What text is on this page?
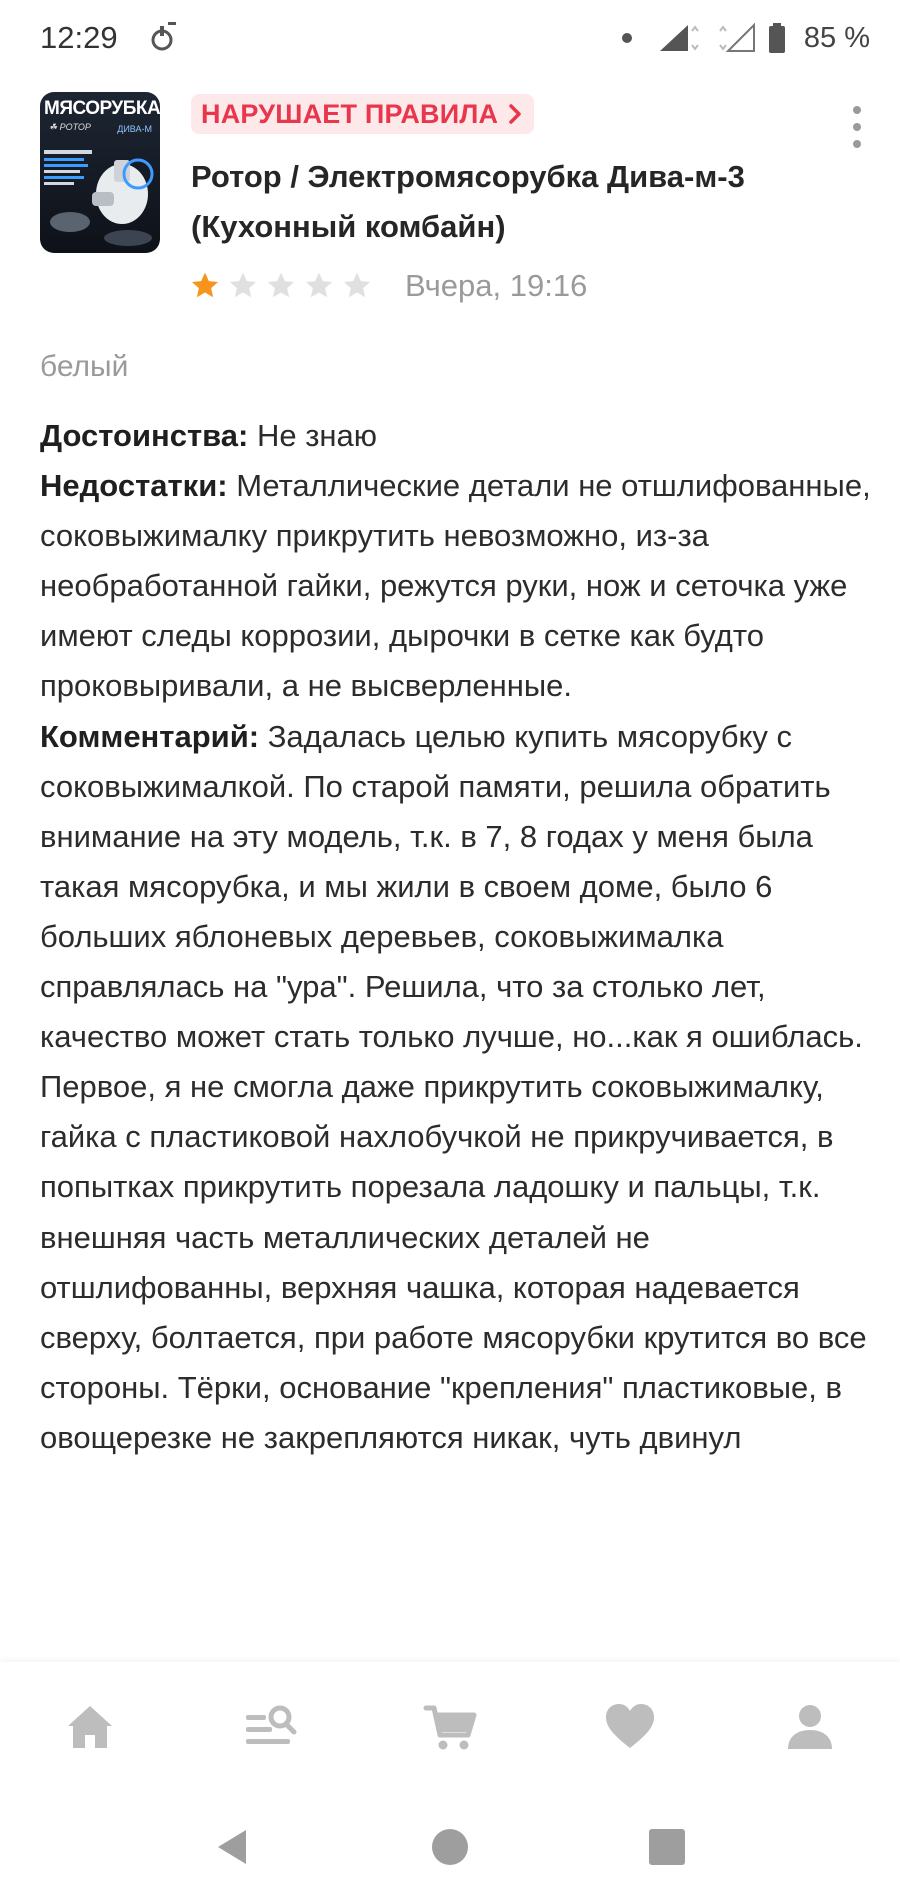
12:29	85 %
МЯСОРУБКА
☘ РОТОР	ДИВА-М
НАРУШАЕТ ПРАВИЛА
Ротор / Электромясорубка Дива-м-3 (Кухонный комбайн)
Вчера, 19:16
белый
Достоинства: Не знаю
Недостатки: Металлические детали не отшлифованные, соковыжималку прикрутить невозможно, из-за необработанной гайки, режутся руки, нож и сеточка уже имеют следы коррозии, дырочки в сетке как будто проковыривали, а не высверленные.
Комментарий: Задалась целью купить мясорубку с соковыжималкой. По старой памяти, решила обратить внимание на эту модель, т.к. в 7, 8 годах у меня была такая мясорубка, и мы жили в своем доме, было 6 больших яблоневых деревьев, соковыжималка справлялась на "ура". Решила, что за столько лет, качество может стать только лучше, но...как я ошиблась. Первое, я не смогла даже прикрутить соковыжималку, гайка с пластиковой нахлобучкой не прикручивается, в попытках прикрутить порезала ладошку и пальцы, т.к. внешняя часть металлических деталей не отшлифованны, верхняя чашка, которая надевается сверху, болтается, при работе мясорубки крутится во все стороны. Тёрки, основание "крепления" пластиковые, в овощерезке не закрепляются никак, чуть двинул
